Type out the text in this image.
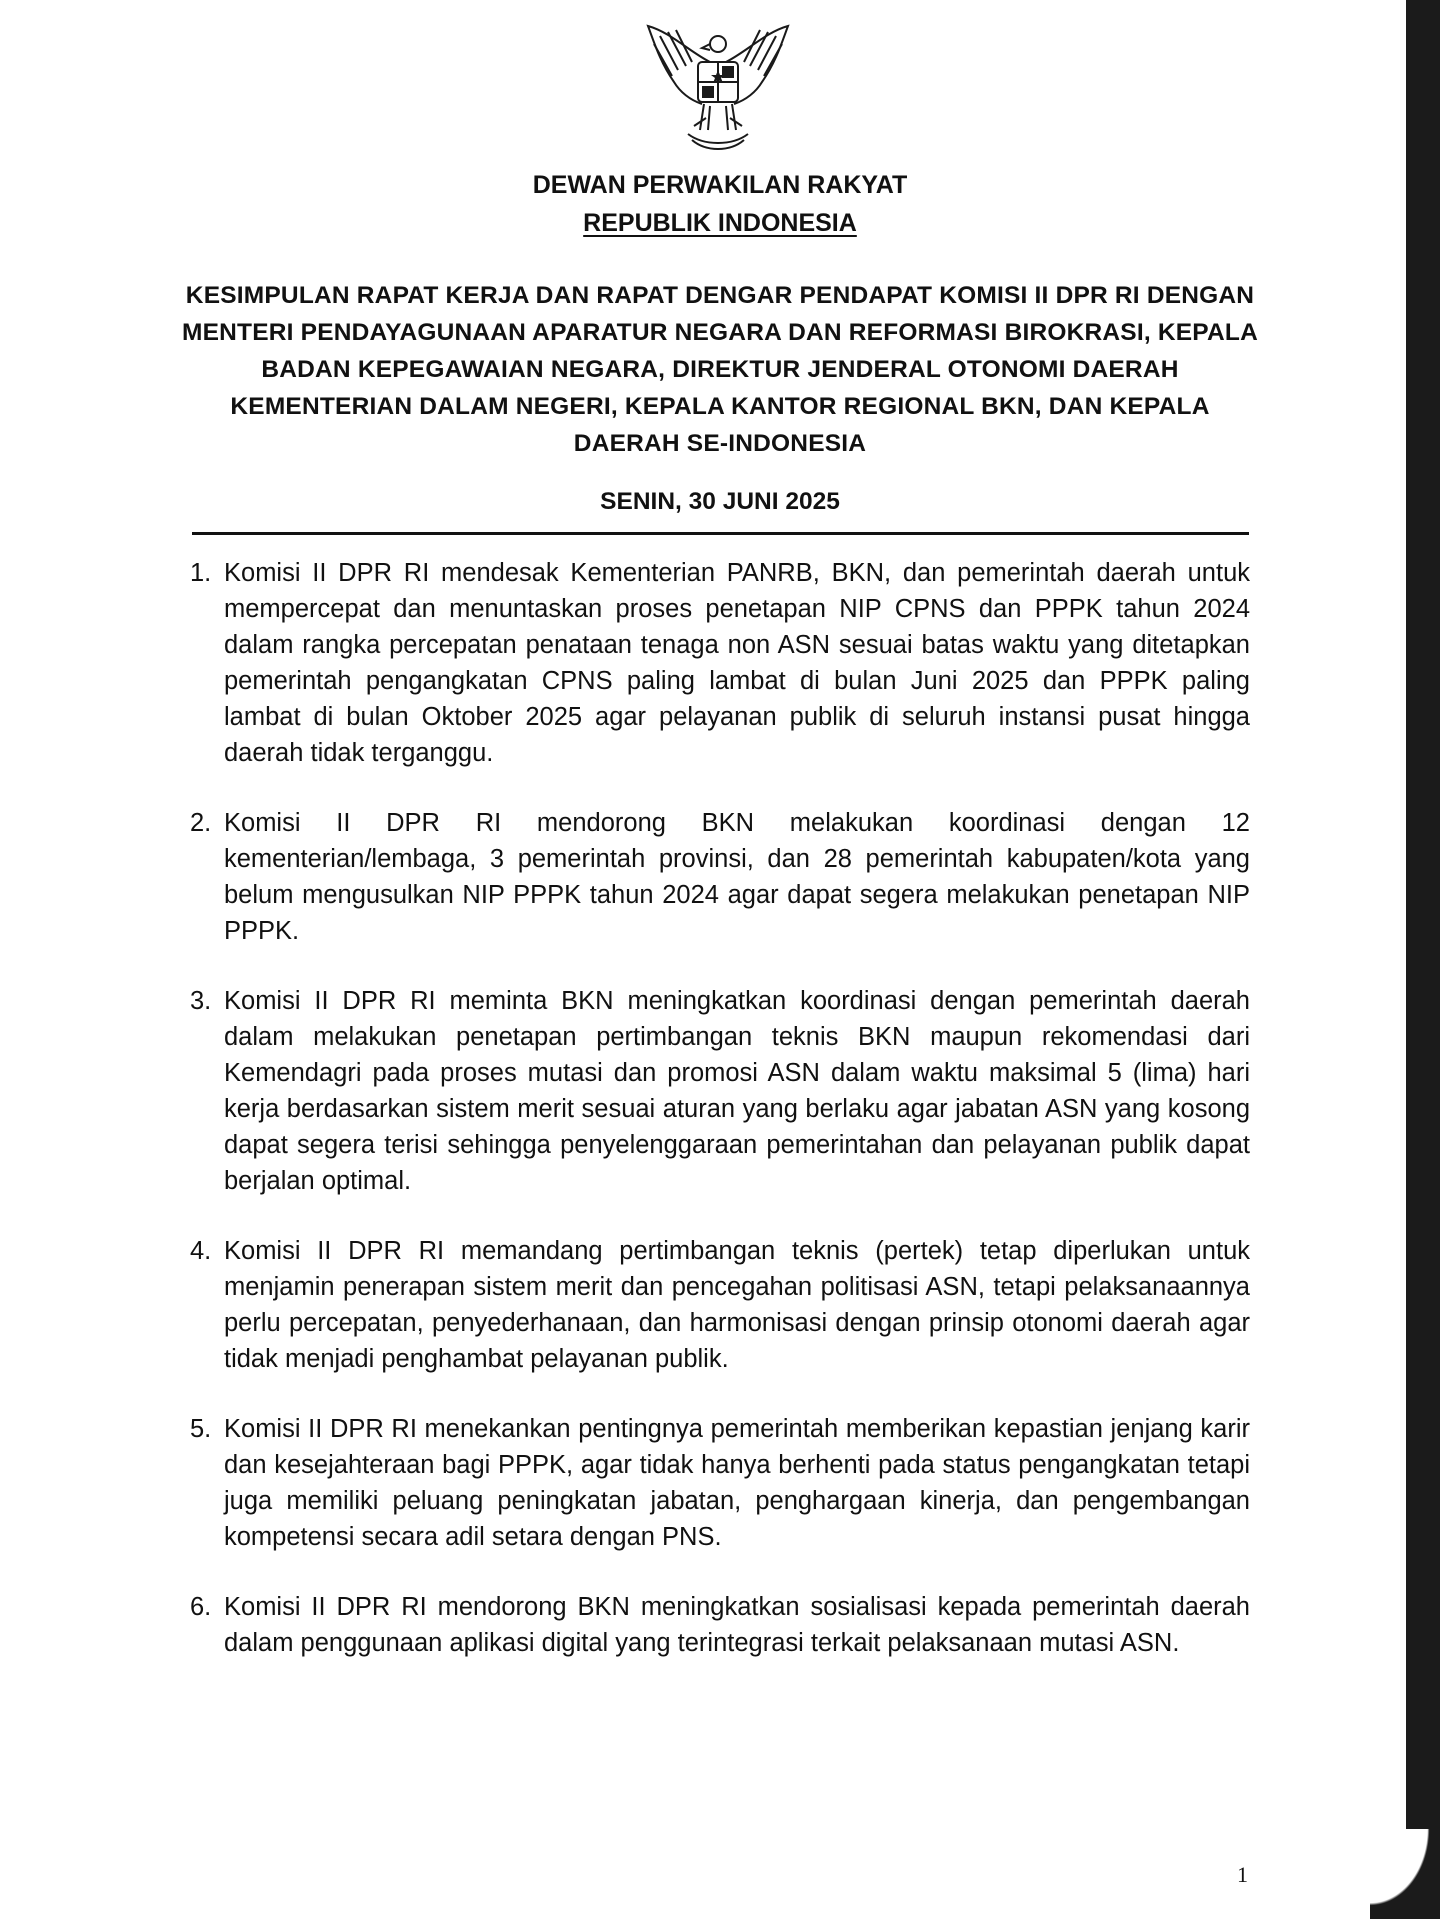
DEWAN PERWAKILAN RAKYAT
REPUBLIK INDONESIA
KESIMPULAN RAPAT KERJA DAN RAPAT DENGAR PENDAPAT KOMISI II DPR RI DENGAN MENTERI PENDAYAGUNAAN APARATUR NEGARA DAN REFORMASI BIROKRASI, KEPALA BADAN KEPEGAWAIAN NEGARA, DIREKTUR JENDERAL OTONOMI DAERAH KEMENTERIAN DALAM NEGERI, KEPALA KANTOR REGIONAL BKN, DAN KEPALA DAERAH SE-INDONESIA
SENIN, 30 JUNI 2025
1. Komisi II DPR RI mendesak Kementerian PANRB, BKN, dan pemerintah daerah untuk mempercepat dan menuntaskan proses penetapan NIP CPNS dan PPPK tahun 2024 dalam rangka percepatan penataan tenaga non ASN sesuai batas waktu yang ditetapkan pemerintah pengangkatan CPNS paling lambat di bulan Juni 2025 dan PPPK paling lambat di bulan Oktober 2025 agar pelayanan publik di seluruh instansi pusat hingga daerah tidak terganggu.
2. Komisi II DPR RI mendorong BKN melakukan koordinasi dengan 12 kementerian/lembaga, 3 pemerintah provinsi, dan 28 pemerintah kabupaten/kota yang belum mengusulkan NIP PPPK tahun 2024 agar dapat segera melakukan penetapan NIP PPPK.
3. Komisi II DPR RI meminta BKN meningkatkan koordinasi dengan pemerintah daerah dalam melakukan penetapan pertimbangan teknis BKN maupun rekomendasi dari Kemendagri pada proses mutasi dan promosi ASN dalam waktu maksimal 5 (lima) hari kerja berdasarkan sistem merit sesuai aturan yang berlaku agar jabatan ASN yang kosong dapat segera terisi sehingga penyelenggaraan pemerintahan dan pelayanan publik dapat berjalan optimal.
4. Komisi II DPR RI memandang pertimbangan teknis (pertek) tetap diperlukan untuk menjamin penerapan sistem merit dan pencegahan politisasi ASN, tetapi pelaksanaannya perlu percepatan, penyederhanaan, dan harmonisasi dengan prinsip otonomi daerah agar tidak menjadi penghambat pelayanan publik.
5. Komisi II DPR RI menekankan pentingnya pemerintah memberikan kepastian jenjang karir dan kesejahteraan bagi PPPK, agar tidak hanya berhenti pada status pengangkatan tetapi juga memiliki peluang peningkatan jabatan, penghargaan kinerja, dan pengembangan kompetensi secara adil setara dengan PNS.
6. Komisi II DPR RI mendorong BKN meningkatkan sosialisasi kepada pemerintah daerah dalam penggunaan aplikasi digital yang terintegrasi terkait pelaksanaan mutasi ASN.
1
